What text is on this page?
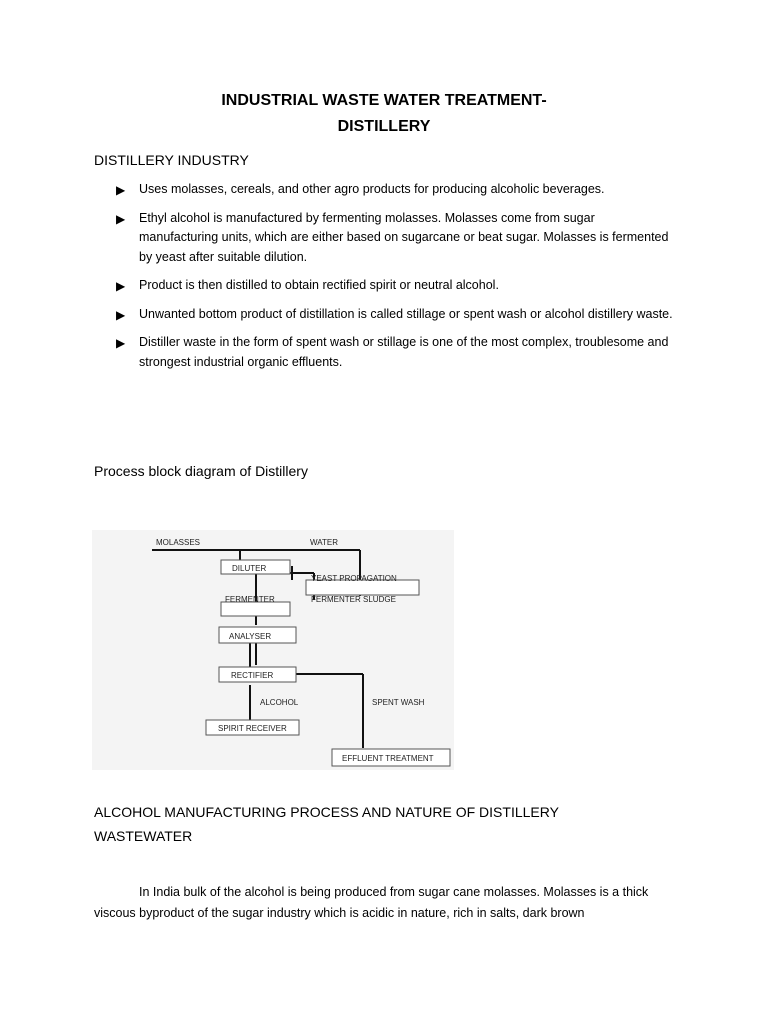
INDUSTRIAL WASTE WATER TREATMENT-
DISTILLERY
DISTILLERY INDUSTRY
▶ Uses molasses, cereals, and other agro products for producing alcoholic beverages.
▶ Ethyl alcohol is manufactured by fermenting molasses. Molasses come from sugar manufacturing units, which are either based on sugarcane or beat sugar. Molasses is fermented by yeast after suitable dilution.
▶ Product is then distilled to obtain rectified spirit or neutral alcohol.
▶ Unwanted bottom product of distillation is called stillage or spent wash or alcohol distillery waste.
▶ Distiller waste in the form of spent wash or stillage is one of the most complex, troublesome and strongest industrial organic effluents.
Process block diagram of Distillery
MOLASSES	WATER
DILUTER
YEAST PROPAGATION
FERMENTER	FERMENTER SLUDGE
ANALYSER
RECTIFIER
ALCOHOL	SPENT WASH
SPIRIT RECEIVER
EFFLUENT TREATMENT
ALCOHOL MANUFACTURING PROCESS AND NATURE OF DISTILLERY WASTEWATER

In India bulk of the alcohol is being produced from sugar cane molasses. Molasses is a thick viscous byproduct of the sugar industry which is acidic in nature, rich in salts, dark brown
